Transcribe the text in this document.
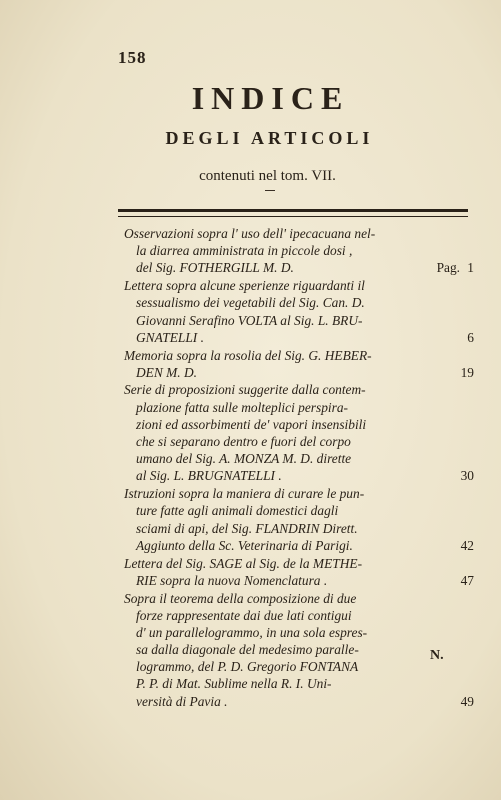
158
INDICE
DEGLI ARTICOLI
contenuti nel tom. VII.
Osservazioni sopra l' uso dell' ipecacuana nel-
la diarrea amministrata in piccole dosi ,
del Sig. FOTHERGILL M. D.	Pag. 1
Lettera sopra alcune sperienze riguardanti il
sessualismo dei vegetabili del Sig. Can. D.
Giovanni Serafino VOLTA al Sig. L. BRU-
GNATELLI .	6
Memoria sopra la rosolia del Sig. G. HEBER-
DEN M. D.	19
Serie di proposizioni suggerite dalla contem-
plazione fatta sulle molteplici perspira-
zioni ed assorbimenti de' vapori insensibili
che si separano dentro e fuori del corpo
umano del Sig. A. MONZA M. D. dirette
al Sig. L. BRUGNATELLI .	30
Istruzioni sopra la maniera di curare le pun-
ture fatte agli animali domestici dagli
sciami di api, del Sig. FLANDRIN Dirett.
Aggiunto della Sc. Veterinaria di Parigi.	42
Lettera del Sig. SAGE al Sig. de la METHE-
RIE sopra la nuova Nomenclatura .	47
Sopra il teorema della composizione di due
forze rappresentate dai due lati contigui
d' un parallelogrammo, in una sola espres-
sa dalla diagonale del medesimo paralle-
logrammo, del P. D. Gregorio FONTANA
P. P. di Mat. Sublime nella R. I. Uni-
versità di Pavia .	49
N.
